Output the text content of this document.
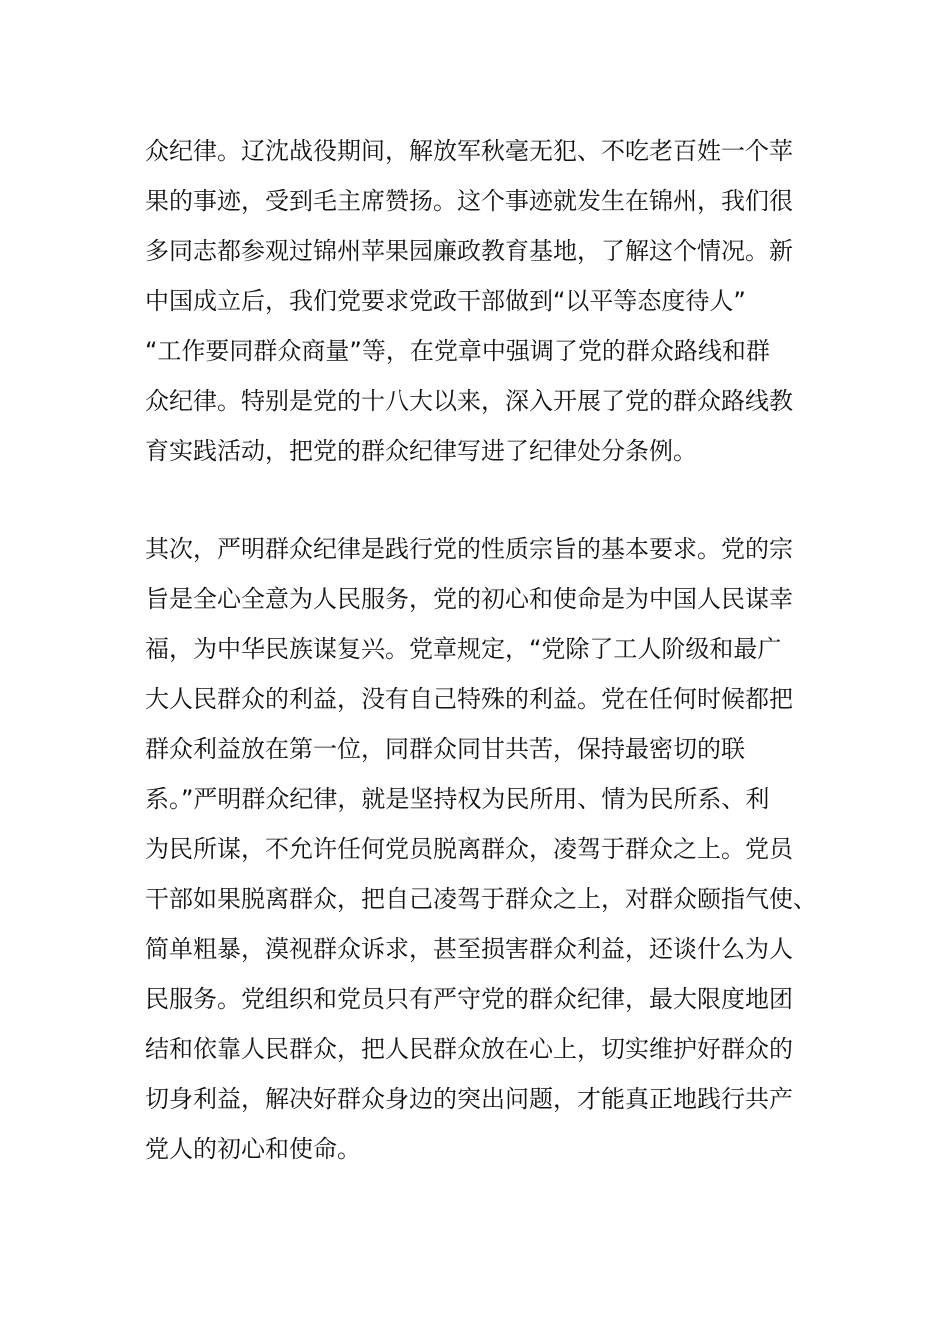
众纪律。辽沈战役期间，解放军秋毫无犯、不吃老百姓一个苹
果的事迹，受到毛主席赞扬。这个事迹就发生在锦州，我们很
多同志都参观过锦州苹果园廉政教育基地，了解这个情况。新
中国成立后，我们党要求党政干部做到“以平等态度待人”
“工作要同群众商量”等，在党章中强调了党的群众路线和群
众纪律。特别是党的十八大以来，深入开展了党的群众路线教
育实践活动，把党的群众纪律写进了纪律处分条例。
其次，严明群众纪律是践行党的性质宗旨的基本要求。党的宗
旨是全心全意为人民服务，党的初心和使命是为中国人民谋幸
福，为中华民族谋复兴。党章规定，“党除了工人阶级和最广
大人民群众的利益，没有自己特殊的利益。党在任何时候都把
群众利益放在第一位，同群众同甘共苦，保持最密切的联
系。”严明群众纪律，就是坚持权为民所用、情为民所系、利
为民所谋，不允许任何党员脱离群众，凌驾于群众之上。党员
干部如果脱离群众，把自己凌驾于群众之上，对群众颐指气使、
简单粗暴，漠视群众诉求，甚至损害群众利益，还谈什么为人
民服务。党组织和党员只有严守党的群众纪律，最大限度地团
结和依靠人民群众，把人民群众放在心上，切实维护好群众的
切身利益，解决好群众身边的突出问题，才能真正地践行共产
党人的初心和使命。
